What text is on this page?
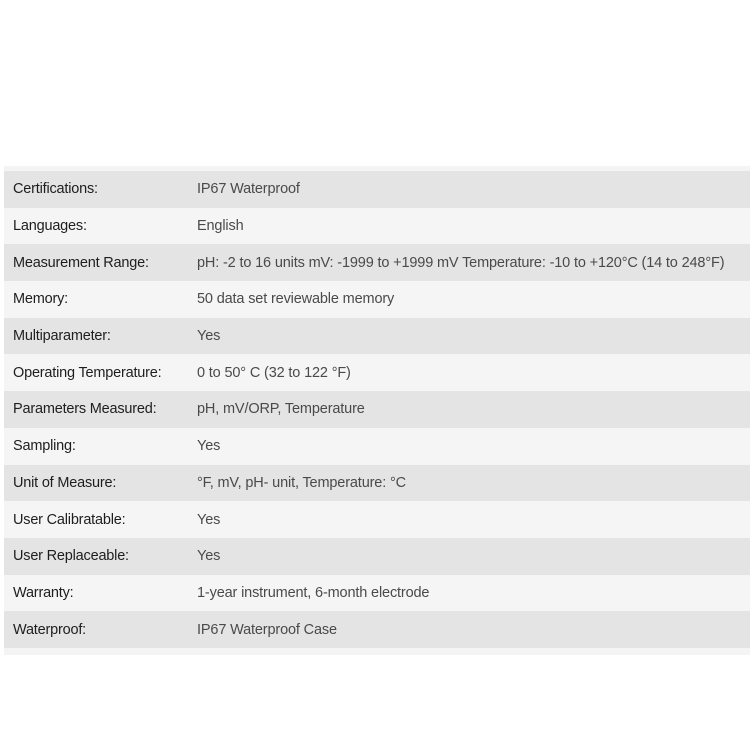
Certifications:	IP67 Waterproof
Languages:	English
Measurement Range:	pH: -2 to 16 units mV: -1999 to +1999 mV Temperature: -10 to +120°C (14 to 248°F)
Memory:	50 data set reviewable memory
Multiparameter:	Yes
Operating Temperature:	0 to 50° C (32 to 122 °F)
Parameters Measured:	pH, mV/ORP, Temperature
Sampling:	Yes
Unit of Measure:	°F, mV, pH- unit, Temperature: °C
User Calibratable:	Yes
User Replaceable:	Yes
Warranty:	1-year instrument, 6-month electrode
Waterproof:	IP67 Waterproof Case
